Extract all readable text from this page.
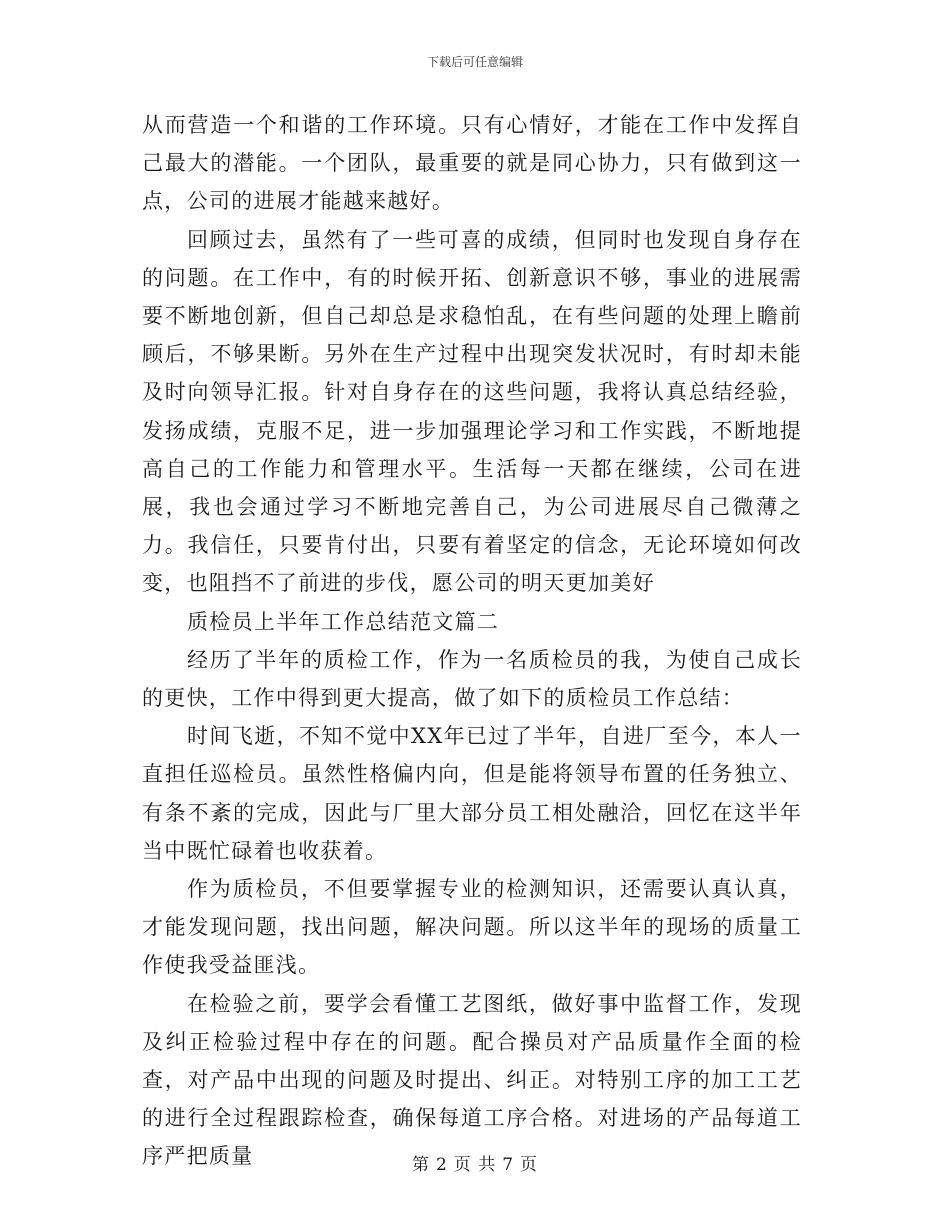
下载后可任意编辑

从而营造一个和谐的工作环境。只有心情好，才能在工作中发挥自己最大的潜能。一个团队，最重要的就是同心协力，只有做到这一点，公司的进展才能越来越好。

回顾过去，虽然有了一些可喜的成绩，但同时也发现自身存在的问题。在工作中，有的时候开拓、创新意识不够，事业的进展需要不断地创新，但自己却总是求稳怕乱，在有些问题的处理上瞻前顾后，不够果断。另外在生产过程中出现突发状况时，有时却未能及时向领导汇报。针对自身存在的这些问题，我将认真总结经验，发扬成绩，克服不足，进一步加强理论学习和工作实践，不断地提高自己的工作能力和管理水平。生活每一天都在继续，公司在进展，我也会通过学习不断地完善自己，为公司进展尽自己微薄之力。我信任，只要肯付出，只要有着坚定的信念，无论环境如何改变，也阻挡不了前进的步伐，愿公司的明天更加美好

质检员上半年工作总结范文篇二

经历了半年的质检工作，作为一名质检员的我，为使自己成长的更快，工作中得到更大提高，做了如下的质检员工作总结：

时间飞逝，不知不觉中XX年已过了半年，自进厂至今，本人一直担任巡检员。虽然性格偏内向，但是能将领导布置的任务独立、有条不紊的完成，因此与厂里大部分员工相处融洽，回忆在这半年当中既忙碌着也收获着。

作为质检员，不但要掌握专业的检测知识，还需要认真认真，才能发现问题，找出问题，解决问题。所以这半年的现场的质量工作使我受益匪浅。

在检验之前，要学会看懂工艺图纸，做好事中监督工作，发现及纠正检验过程中存在的问题。配合操员对产品质量作全面的检查，对产品中出现的问题及时提出、纠正。对特别工序的加工工艺的进行全过程跟踪检查，确保每道工序合格。对进场的产品每道工序严把质量	第 2 页 共 7 页
